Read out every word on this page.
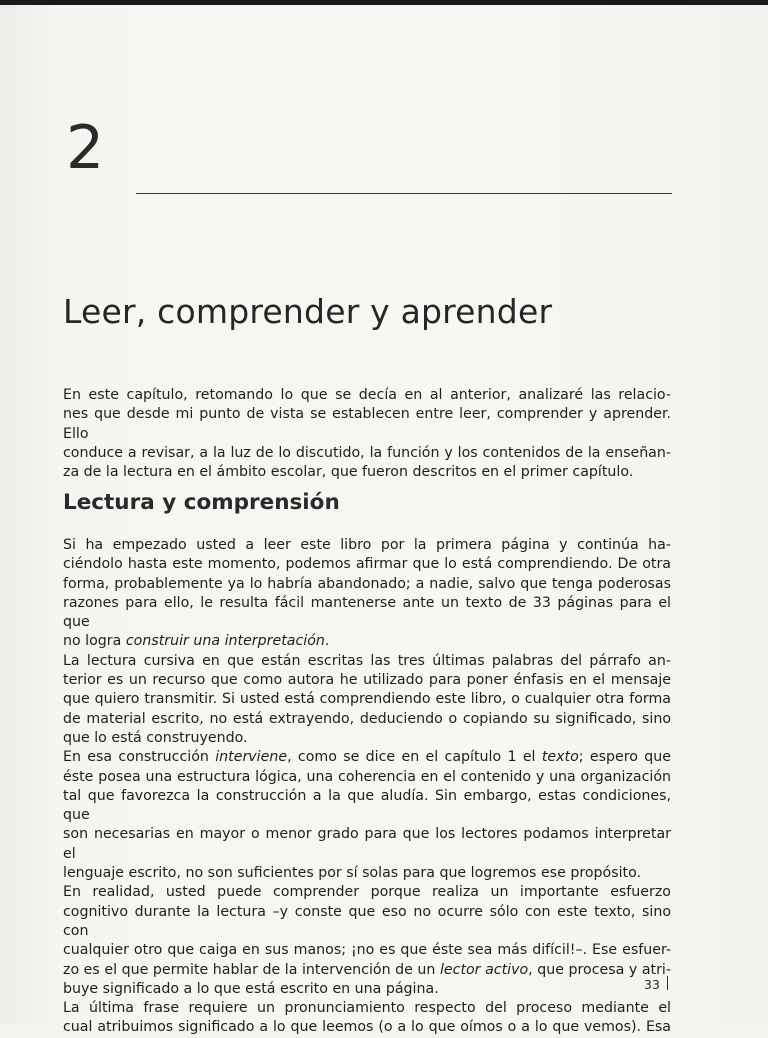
2
Leer, comprender y aprender
En este capítulo, retomando lo que se decía en al anterior, analizaré las relacio-
nes que desde mi punto de vista se establecen entre leer, comprender y aprender. Ello
conduce a revisar, a la luz de lo discutido, la función y los contenidos de la enseñan-
za de la lectura en el ámbito escolar, que fueron descritos en el primer capítulo.
Lectura y comprensión
Si ha empezado usted a leer este libro por la primera página y continúa ha-
ciéndolo hasta este momento, podemos afirmar que lo está comprendiendo. De otra
forma, probablemente ya lo habría abandonado; a nadie, salvo que tenga poderosas
razones para ello, le resulta fácil mantenerse ante un texto de 33 páginas para el que
no logra construir una interpretación.
La lectura cursiva en que están escritas las tres últimas palabras del párrafo an-
terior es un recurso que como autora he utilizado para poner énfasis en el mensaje
que quiero transmitir. Si usted está comprendiendo este libro, o cualquier otra forma
de material escrito, no está extrayendo, deduciendo o copiando su significado, sino
que lo está construyendo.
En esa construcción interviene, como se dice en el capítulo 1 el texto; espero que
éste posea una estructura lógica, una coherencia en el contenido y una organización
tal que favorezca la construcción a la que aludía. Sin embargo, estas condiciones, que
son necesarias en mayor o menor grado para que los lectores podamos interpretar el
lenguaje escrito, no son suficientes por sí solas para que logremos ese propósito.
En realidad, usted puede comprender porque realiza un importante esfuerzo
cognitivo durante la lectura –y conste que eso no ocurre sólo con este texto, sino con
cualquier otro que caiga en sus manos; ¡no es que éste sea más difícil!–. Ese esfuer-
zo es el que permite hablar de la intervención de un lector activo, que procesa y atri-
buye significado a lo que está escrito en una página.
La última frase requiere un pronunciamiento respecto del proceso mediante el
cual atribuimos significado a lo que leemos (o a lo que oímos o a lo que vemos). Esa
33
